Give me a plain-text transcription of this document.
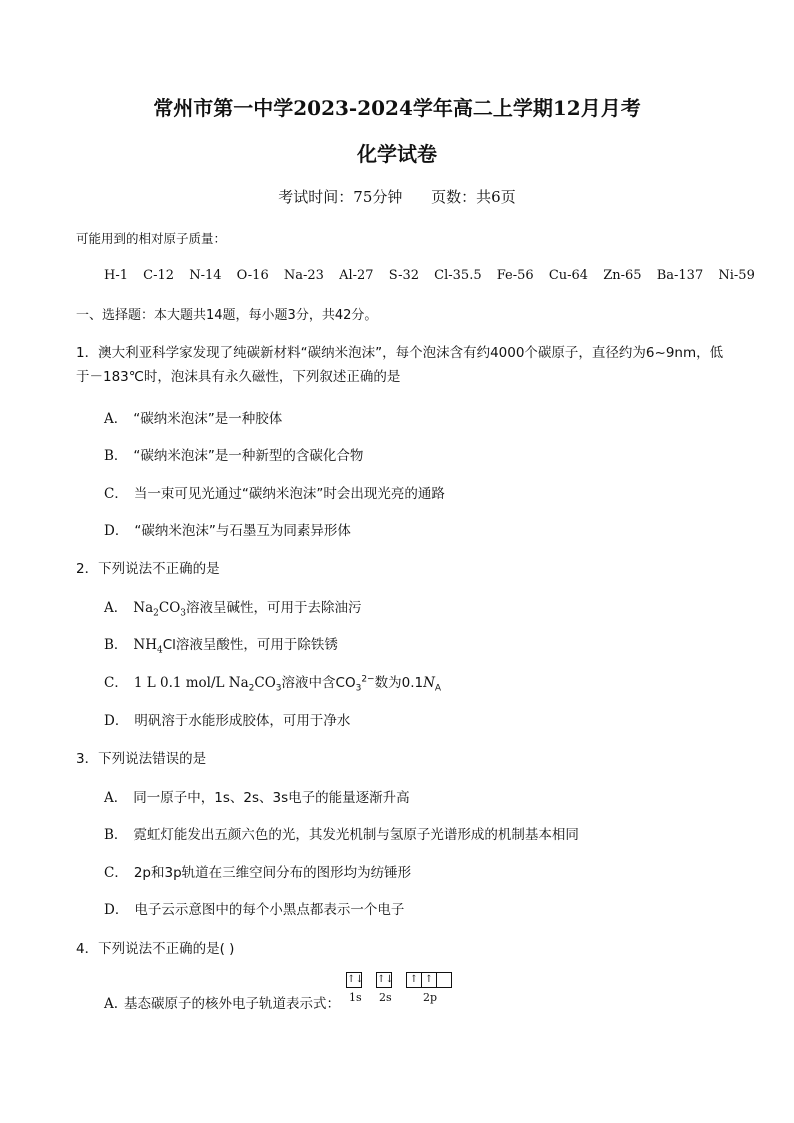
常州市第一中学2023-2024学年高二上学期12月月考
化学试卷
考试时间：75分钟 页数：共6页
可能用到的相对原子质量：
H-1 C-12 N-14 O-16 Na-23 Al-27 S-32 Cl-35.5 Fe-56 Cu-64 Zn-65 Ba-137 Ni-59
一、选择题：本大题共14题，每小题3分，共42分。
1．澳大利亚科学家发现了纯碳新材料“碳纳米泡沫”，每个泡沫含有约4000个碳原子，直径约为6~9nm，低于－183℃时，泡沫具有永久磁性，下列叙述正确的是
A． “碳纳米泡沫”是一种胶体
B． “碳纳米泡沫”是一种新型的含碳化合物
C． 当一束可见光通过“碳纳米泡沫”时会出现光亮的通路
D． “碳纳米泡沫”与石墨互为同素异形体
2．下列说法不正确的是
A． $Na_2CO_3$溶液呈碱性，可用于去除油污
B． $NH_4Cl$溶液呈酸性，可用于除铁锈
C． 1 L 0.1 mol/L $Na_2CO_3$溶液中含$CO_3^{2-}$数为$0.1N_A$
D． 明矾溶于水能形成胶体，可用于净水
3．下列说法错误的是
A． 同一原子中，1s、2s、3s电子的能量逐渐升高
B． 霓虹灯能发出五颜六色的光，其发光机制与氢原子光谱形成的机制基本相同
C． 2p和3p轨道在三维空间分布的图形均为纺锤形
D． 电子云示意图中的每个小黑点都表示一个电子
4．下列说法不正确的是( )
A. 基态碳原子的核外电子轨道表示式：
↑↓ ↑↓	↑ ↑
1s 2s	2p
